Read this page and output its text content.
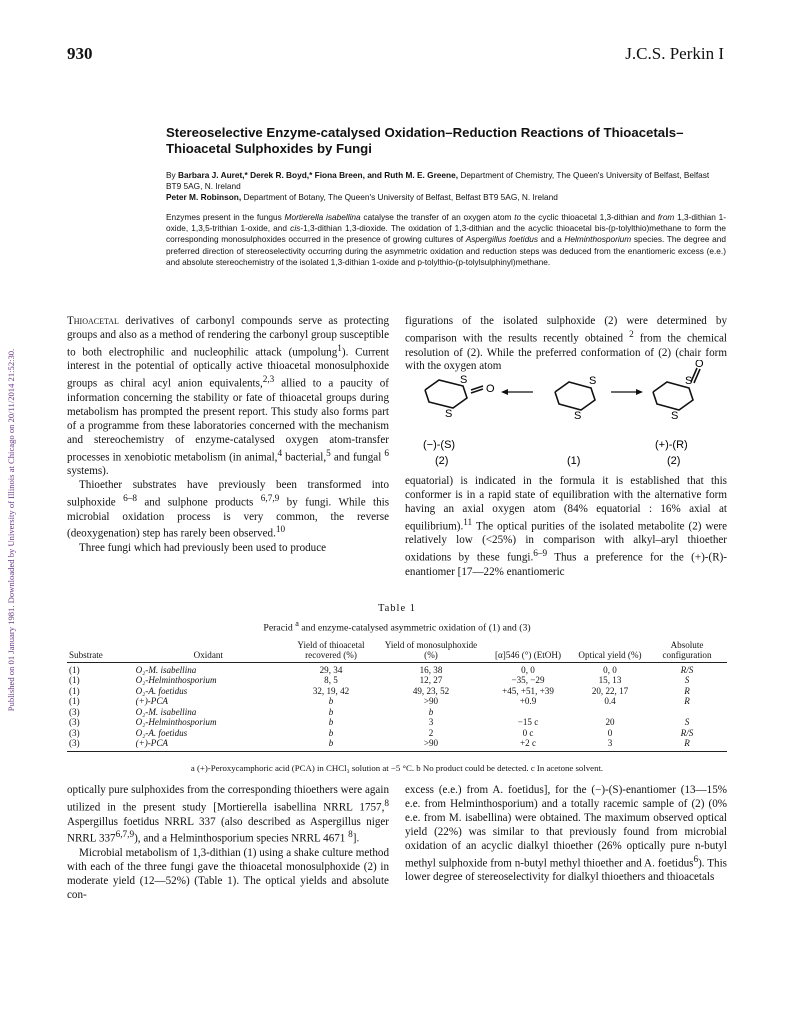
Published on 01 January 1981. Downloaded by University of Illinois at Chicago on 20/11/2014 21:52:30.
930	J.C.S. Perkin I
Stereoselective Enzyme-catalysed Oxidation–Reduction Reactions of Thioacetals–Thioacetal Sulphoxides by Fungi
By Barbara J. Auret,* Derek R. Boyd,* Fiona Breen, and Ruth M. E. Greene, Department of Chemistry, The Queen's University of Belfast, Belfast BT9 5AG, N. Ireland
Peter M. Robinson, Department of Botany, The Queen's University of Belfast, Belfast BT9 5AG, N. Ireland
Enzymes present in the fungus Mortierella isabellina catalyse the transfer of an oxygen atom to the cyclic thioacetal 1,3-dithian and from 1,3-dithian 1-oxide, 1,3,5-trithian 1-oxide, and cis-1,3-dithian 1,3-dioxide. The oxidation of 1,3-dithian and the acyclic thioacetal bis-(p-tolylthio)methane to form the corresponding monosulphoxides occurred in the presence of growing cultures of Aspergillus foetidus and a Helminthosporium species. The degree and preferred direction of stereoselectivity occurring during the asymmetric oxidation and reduction steps was deduced from the enantiomeric excess (e.e.) and absolute stereochemistry of the isolated 1,3-dithian 1-oxide and p-tolylthio-(p-tolylsulphinyl)methane.

Thioacetal derivatives of carbonyl compounds serve as protecting groups and also as a method of rendering the carbonyl group susceptible to both electrophilic and nucleophilic attack (umpolung$^1$). Current interest in the potential of optically active thioacetal monosulphoxide groups as chiral acyl anion equivalents,$^{2,3}$ allied to a paucity of information concerning the stability or fate of thioacetal groups during metabolism has prompted the present report. This study also forms part of a programme from these laboratories concerned with the mechanism and stereochemistry of enzyme-catalysed oxygen atom-transfer processes in xenobiotic metabolism (in animal,$^4$ bacterial,$^5$ and fungal $^6$ systems).

Thioether substrates have previously been transformed into sulphoxide $^{6-8}$ and sulphone products $^{6,7,9}$ by fungi. While this microbial oxidation process is very common, the reverse (deoxygenation) step has rarely been observed.$^{10}$

Three fungi which had previously been used to produce

figurations of the isolated sulphoxide (2) were determined by comparison with the results recently obtained $^2$ from the chemical resolution of (2). While the preferred conformation of (2) (chair form with the oxygen atom

S
S
O
S
S
O
S
S
(−)-(S)
(2)	(1)
(+)-(R)
(2)

equatorial) is indicated in the formula it is established that this conformer is in a rapid state of equilibration with the alternative form having an axial oxygen atom (84% equatorial : 16% axial at equilibrium).$^{11}$ The optical purities of the isolated metabolite (2) were relatively low (<25%) in comparison with alkyl–aryl thioether oxidations by these fungi.$^{6-9}$ Thus a preference for the (+)-(R)-enantiomer [17—22% enantiomeric

Table 1
Peracid $^a$ and enzyme-catalysed asymmetric oxidation of (1) and (3)
Substrate	Oxidant	Yield of thioacetal recovered (%)	Yield of monosulphoxide (%)	[α]546 (°) (EtOH)	Optical yield (%)	Absolute configuration
(1)	O₂-M. isabellina	29, 34	16, 38	0, 0	0, 0	R/S
(1)	O₂-Helminthosporium	8, 5	12, 27	−35, −29	15, 13	S
(1)	O₂-A. foetidus	32, 19, 42	49, 23, 52	+45, +51, +39	20, 22, 17	R
(1)	(+)-PCA	b	>90	+0.9	0.4	R
(3)	O₂-M. isabellina	b	b			
(3)	O₂-Helminthosporium	b	3	−15 c	20	S
(3)	O₂-A. foetidus	b	2	0 c	0	R/S
(3)	(+)-PCA	b	>90	+2 c	3	R
a (+)-Peroxycamphoric acid (PCA) in CHCl₃ solution at −5 °C. b No product could be detected. c In acetone solvent.

optically pure sulphoxides from the corresponding thioethers were again utilized in the present study [Mortierella isabellina NRRL 1757,$^8$ Aspergillus foetidus NRRL 337 (also described as Aspergillus niger NRRL 337$^{6,7,9}$), and a Helminthosporium species NRRL 4671 $^8$].

Microbial metabolism of 1,3-dithian (1) using a shake culture method with each of the three fungi gave the thioacetal monosulphoxide (2) in moderate yield (12—52%) (Table 1). The optical yields and absolute con-

excess (e.e.) from A. foetidus], for the (−)-(S)-enantiomer (13—15% e.e. from Helminthosporium) and a totally racemic sample of (2) (0% e.e. from M. isabellina) were obtained. The maximum observed optical yield (22%) was similar to that previously found from microbial oxidation of an acyclic dialkyl thioether (26% optically pure n-butyl methyl sulphoxide from n-butyl methyl thioether and A. foetidus$^6$). This lower degree of stereoselectivity for dialkyl thioethers and thioacetals
